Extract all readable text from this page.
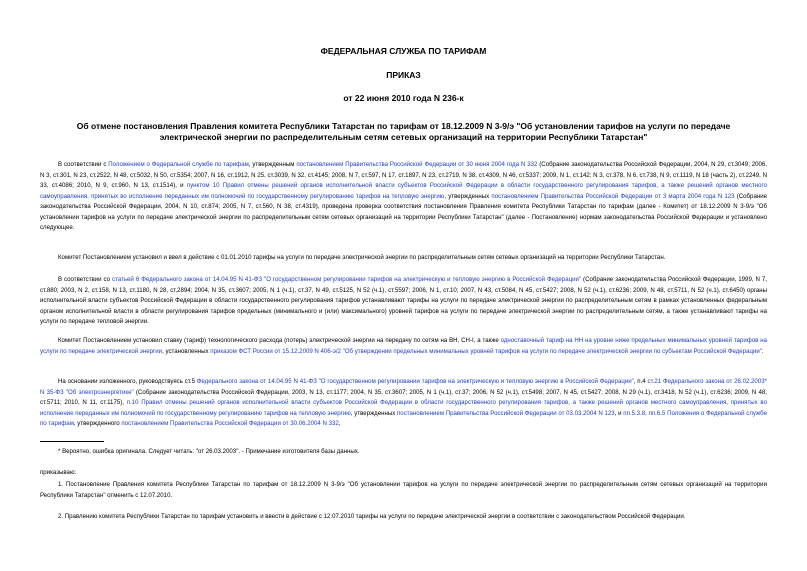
ФЕДЕРАЛЬНАЯ СЛУЖБА ПО ТАРИФАМ
ПРИКАЗ
от 22 июня 2010 года N 236-к
Об отмене постановления Правления комитета Республики Татарстан по тарифам от 18.12.2009 N 3-9/э "Об установлении тарифов на услуги по передаче электрической энергии по распределительным сетям сетевых организаций на территории Республики Татарстан"

В соответствии с Положением о Федеральной службе по тарифам, утвержденным постановлением Правительства Российской Федерации от 30 июня 2004 года N 332 (Собрание законодательства Российской Федерации, 2004, N 29, ст.3049; 2006, N 3, ст.301, N 23, ст.2522, N 48, ст.5032, N 50, ст.5354; 2007, N 16, ст.1912, N 25, ст.3039, N 32, ст.4145; 2008, N 7, ст.597, N 17, ст.1897, N 23, ст.2719, N 38, ст.4309, N 46, ст.5337; 2009, N 1, ст.142; N 3, ст.378, N 6, ст.738, N 9, ст.1119, N 18 (часть 2), ст.2249, N 33, ст.4086; 2010, N 9, ст.960, N 13, ст.1514), и пунктом 10 Правил отмены решений органов исполнительной власти субъектов Российской Федерации в области государственного регулирования тарифов, а также решений органов местного самоуправления, принятых во исполнение переданных им полномочий по государственному регулированию тарифов на тепловую энергию, утвержденных постановлением Правительства Российской Федерации от 3 марта 2004 года N 123 (Собрание законодательства Российской Федерации, 2004, N 10, ст.874; 2005, N 7, ст.560, N 38, ст.4319), проведена проверка соответствия постановления Правления комитета Республики Татарстан по тарифам (далее - Комитет) от 18.12.2009 N 3-9/э "Об установлении тарифов на услуги по передаче электрической энергии по распределительным сетям сетевых организаций на территории Республики Татарстан" (далее - Постановление) нормам законодательства Российской Федерации и установлено следующее.

Комитет Постановлением установил и ввел в действие с 01.01.2010 тарифы на услуги по передаче электрической энергии по распределительным сетям сетевых организаций на территории Республики Татарстан.

В соответствии со статьей 6 Федерального закона от 14.04.95 N 41-ФЗ "О государственном регулировании тарифов на электрическую и тепловую энергию в Российской Федерации" (Собрание законодательства Российской Федерации, 1999, N 7, ст.880; 2003, N 2, ст.158, N 13, ст.1180, N 28, ст.2894; 2004, N 35, ст.3607; 2005, N 1 (ч.1), ст.37, N 49, ст.5125, N 52 (ч.1), ст.5597; 2006, N 1, ст.10; 2007, N 43, ст.5084, N 45, ст.5427; 2008, N 52 (ч.1), ст.6236; 2009, N 48, ст.5711, N 52 (ч.1), ст.6450) органы исполнительной власти субъектов Российской Федерации в области государственного регулирования тарифов устанавливают тарифы на услуги по передаче электрической энергии по распределительным сетям в рамках установленных федеральным органом исполнительной власти в области регулирования тарифов предельных (минимального и (или) максимального) уровней тарифов на услуги по передаче электрической энергии по распределительным сетям, а также устанавливают тарифы на услуги по передаче тепловой энергии.

Комитет Постановлением установил ставку (тариф) технологического расхода (потерь) электрической энергии на передачу по сетям на ВН, СН-I, а также одноставочный тариф на НН на уровне ниже предельных минимальных уровней тарифов на услуги по передаче электрической энергии, установленных приказом ФСТ России от 15.12.2009 N 406-э/2 "Об утверждении предельных минимальных уровней тарифов на услуги по передаче электрической энергии по субъектам Российской Федерации".

На основании изложенного, руководствуясь ст.5 Федерального закона от 14.04.95 N 41-ФЗ "О государственном регулировании тарифов на электрическую и тепловую энергию в Российской Федерации", п.4 ст.21 Федерального закона от 26.02.2003* N 35-ФЗ "Об электроэнергетике" (Собрание законодательства Российской Федерации, 2003, N 13, ст.1177; 2004, N 35, ст.3607; 2005, N 1 (ч.1), ст.37; 2006, N 52 (ч.1), ст.5498; 2007, N 45, ст.5427; 2008, N 29 (ч.1), ст.3418, N 52 (ч.1), ст.6236; 2009, N 48, ст.5711; 2010, N 11, ст.1175), п.10 Правил отмены решений органов исполнительной власти субъектов Российской Федерации в области государственного регулирования тарифов, а также решений органов местного самоуправления, принятых во исполнение переданных им полномочий по государственному регулированию тарифов на тепловую энергию, утвержденных постановлением Правительства Российской Федерации от 03.03.2004 N 123, и пп.5.3.8, пп.6.5 Положения о Федеральной службе по тарифам, утвержденного постановлением Правительства Российской Федерации от 30.06.2004 N 332,

* Вероятно, ошибка оригинала. Следует читать: "от 26.03.2003". - Примечание изготовителя базы данных.

приказываю:

1. Постановление Правления комитета Республики Татарстан по тарифам от 18.12.2009 N 3-9/э "Об установлении тарифов на услуги по передаче электрической энергии по распределительным сетям сетевых организаций на территории Республики Татарстан" отменить с 12.07.2010.

2. Правлению комитета Республики Татарстан по тарифам установить и ввести в действие с 12.07.2010 тарифы на услуги по передаче электрической энергии в соответствии с законодательством Российской Федерации.
